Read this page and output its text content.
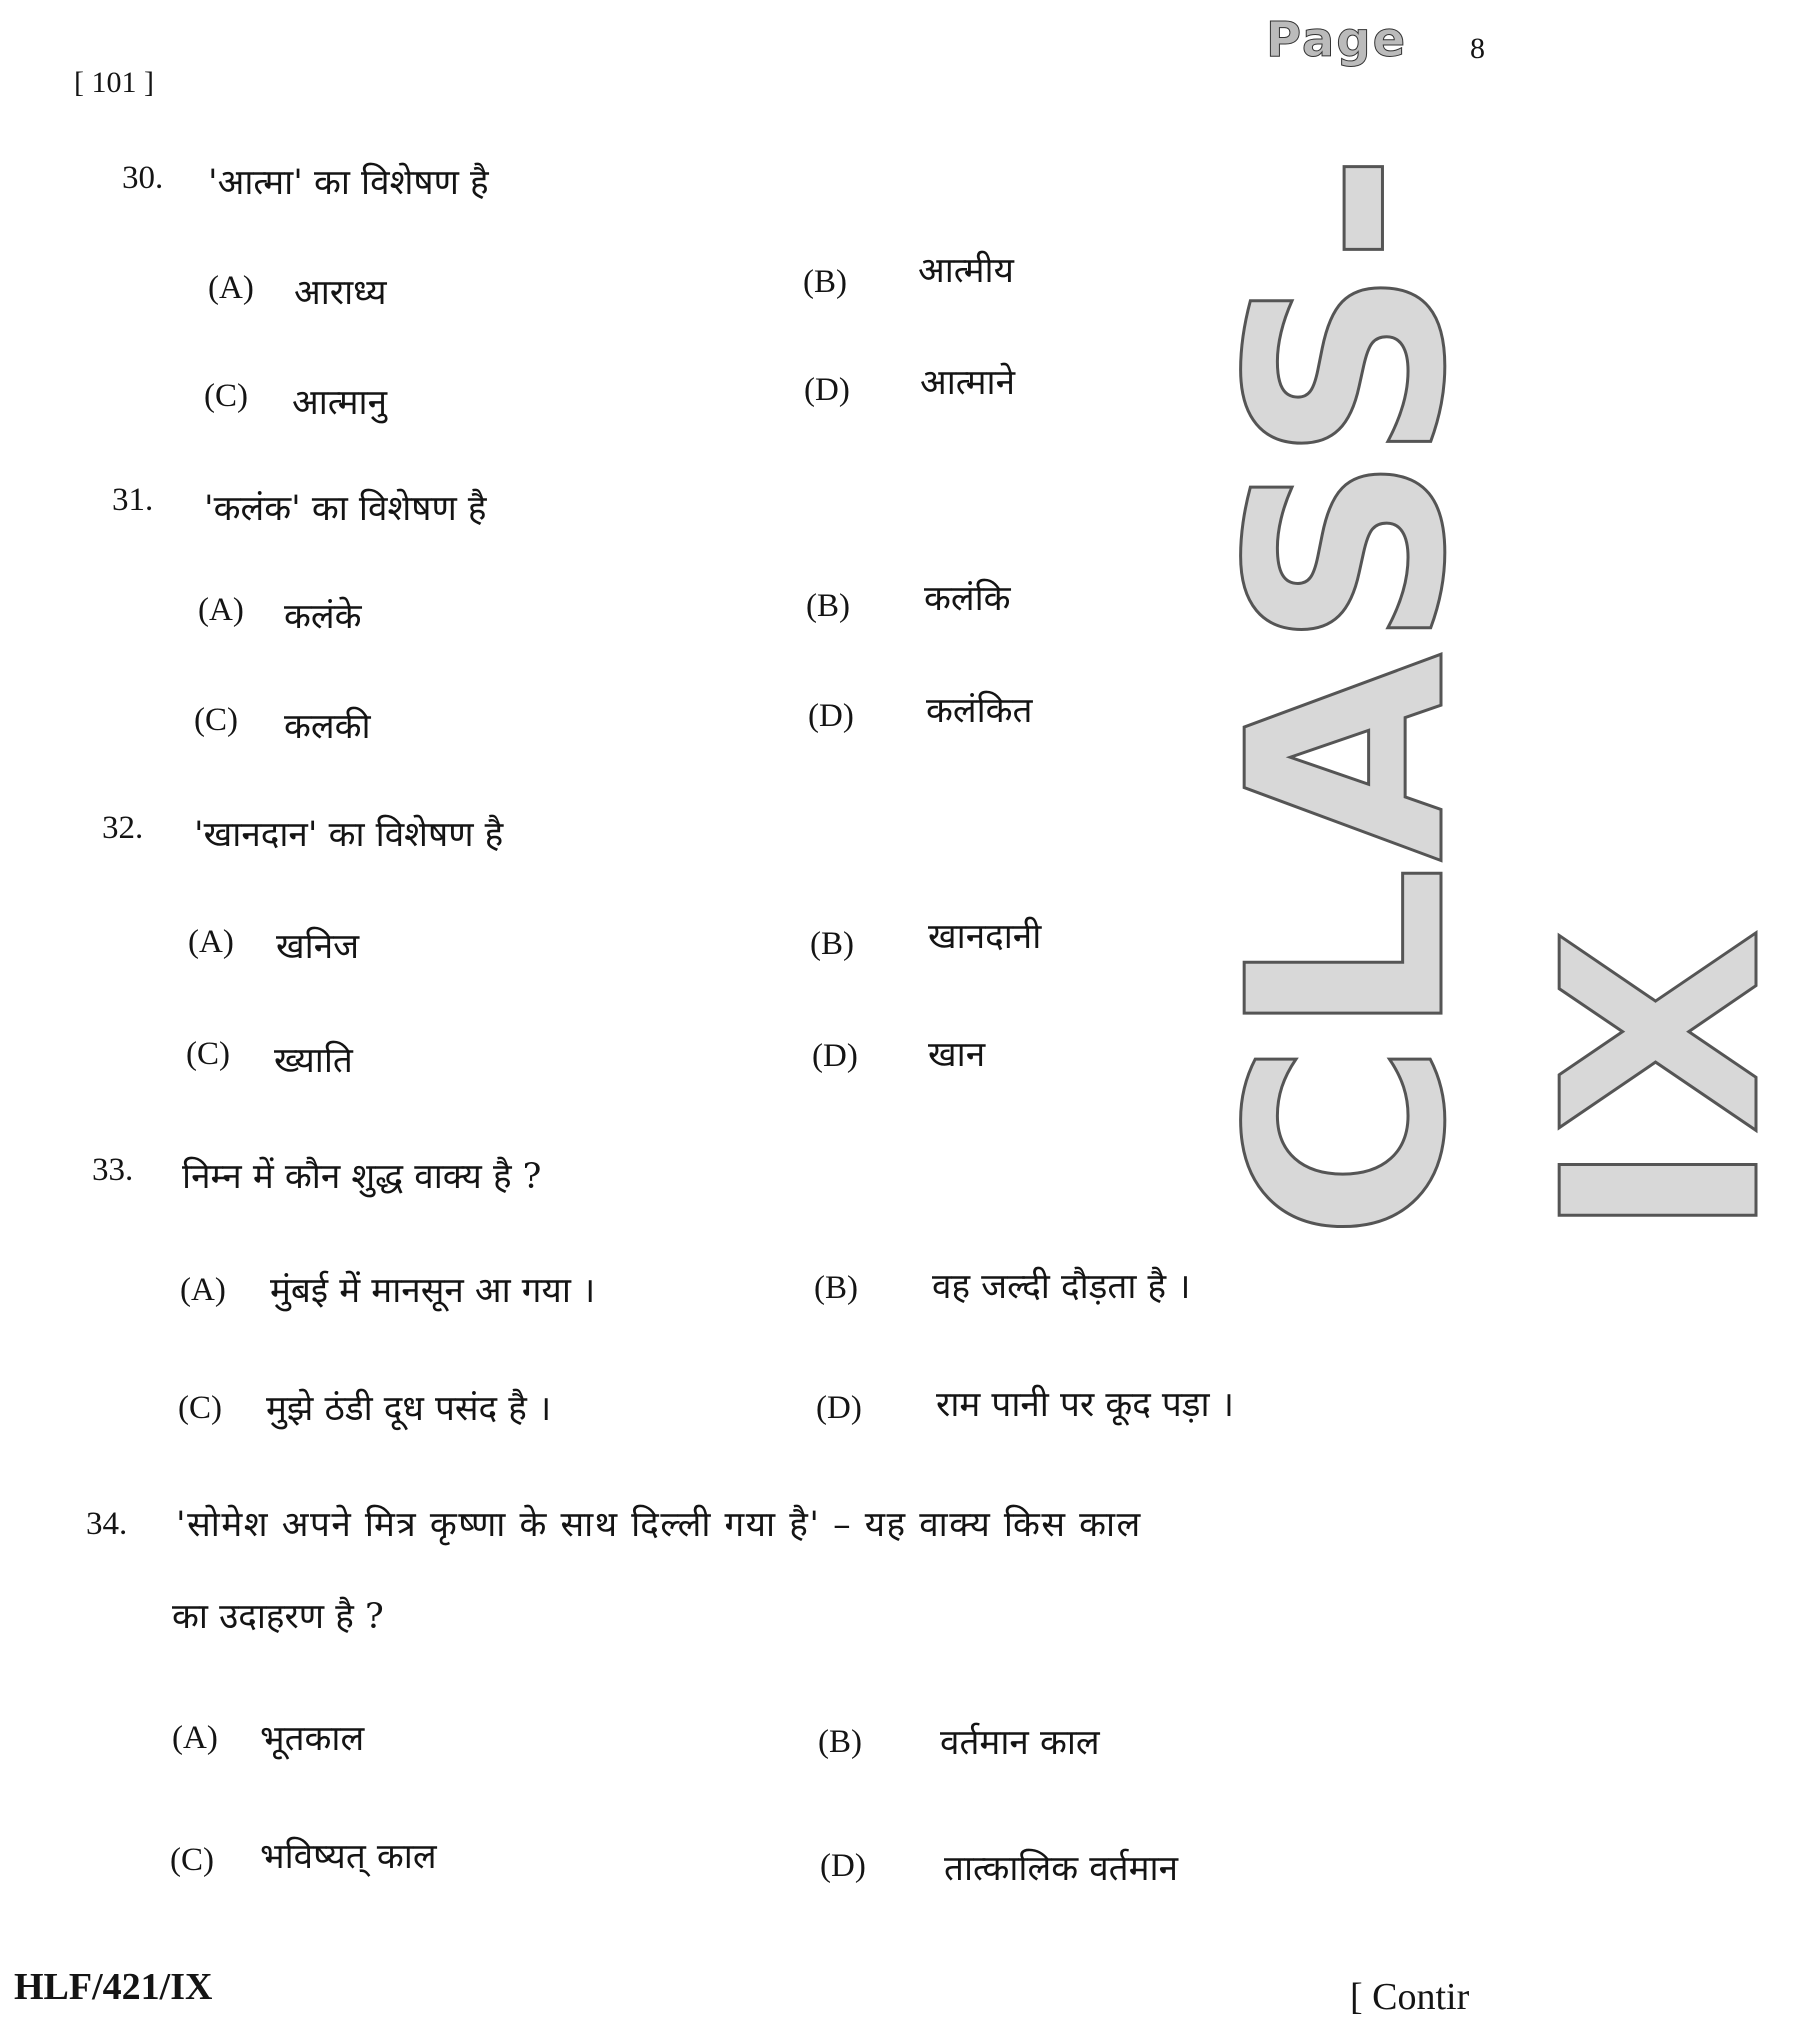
[ 101 ]
Page 8
CLASS-IX
30. 'आत्मा' का विशेषण है
(A) आराध्य	(B) आत्मीय
(C) आत्मानु	(D) आत्माने
31. 'कलंक' का विशेषण है
(A) कलंके	(B) कलंकि
(C) कलकी	(D) कलंकित
32. 'खानदान' का विशेषण है
(A) खनिज	(B) खानदानी
(C) ख्याति	(D) खान
33. निम्न में कौन शुद्ध वाक्य है ?
(A) मुंबई में मानसून आ गया ।	(B) वह जल्दी दौड़ता है ।
(C) मुझे ठंडी दूध पसंद है ।	(D) राम पानी पर कूद पड़ा ।
34. 'सोमेश अपने मित्र कृष्णा के साथ दिल्ली गया है' – यह वाक्य किस काल
का उदाहरण है ?
(A) भूतकाल	(B) वर्तमान काल
(C) भविष्यत् काल	(D) तात्कालिक वर्तमान
HLF/421/IX	[ Contir
